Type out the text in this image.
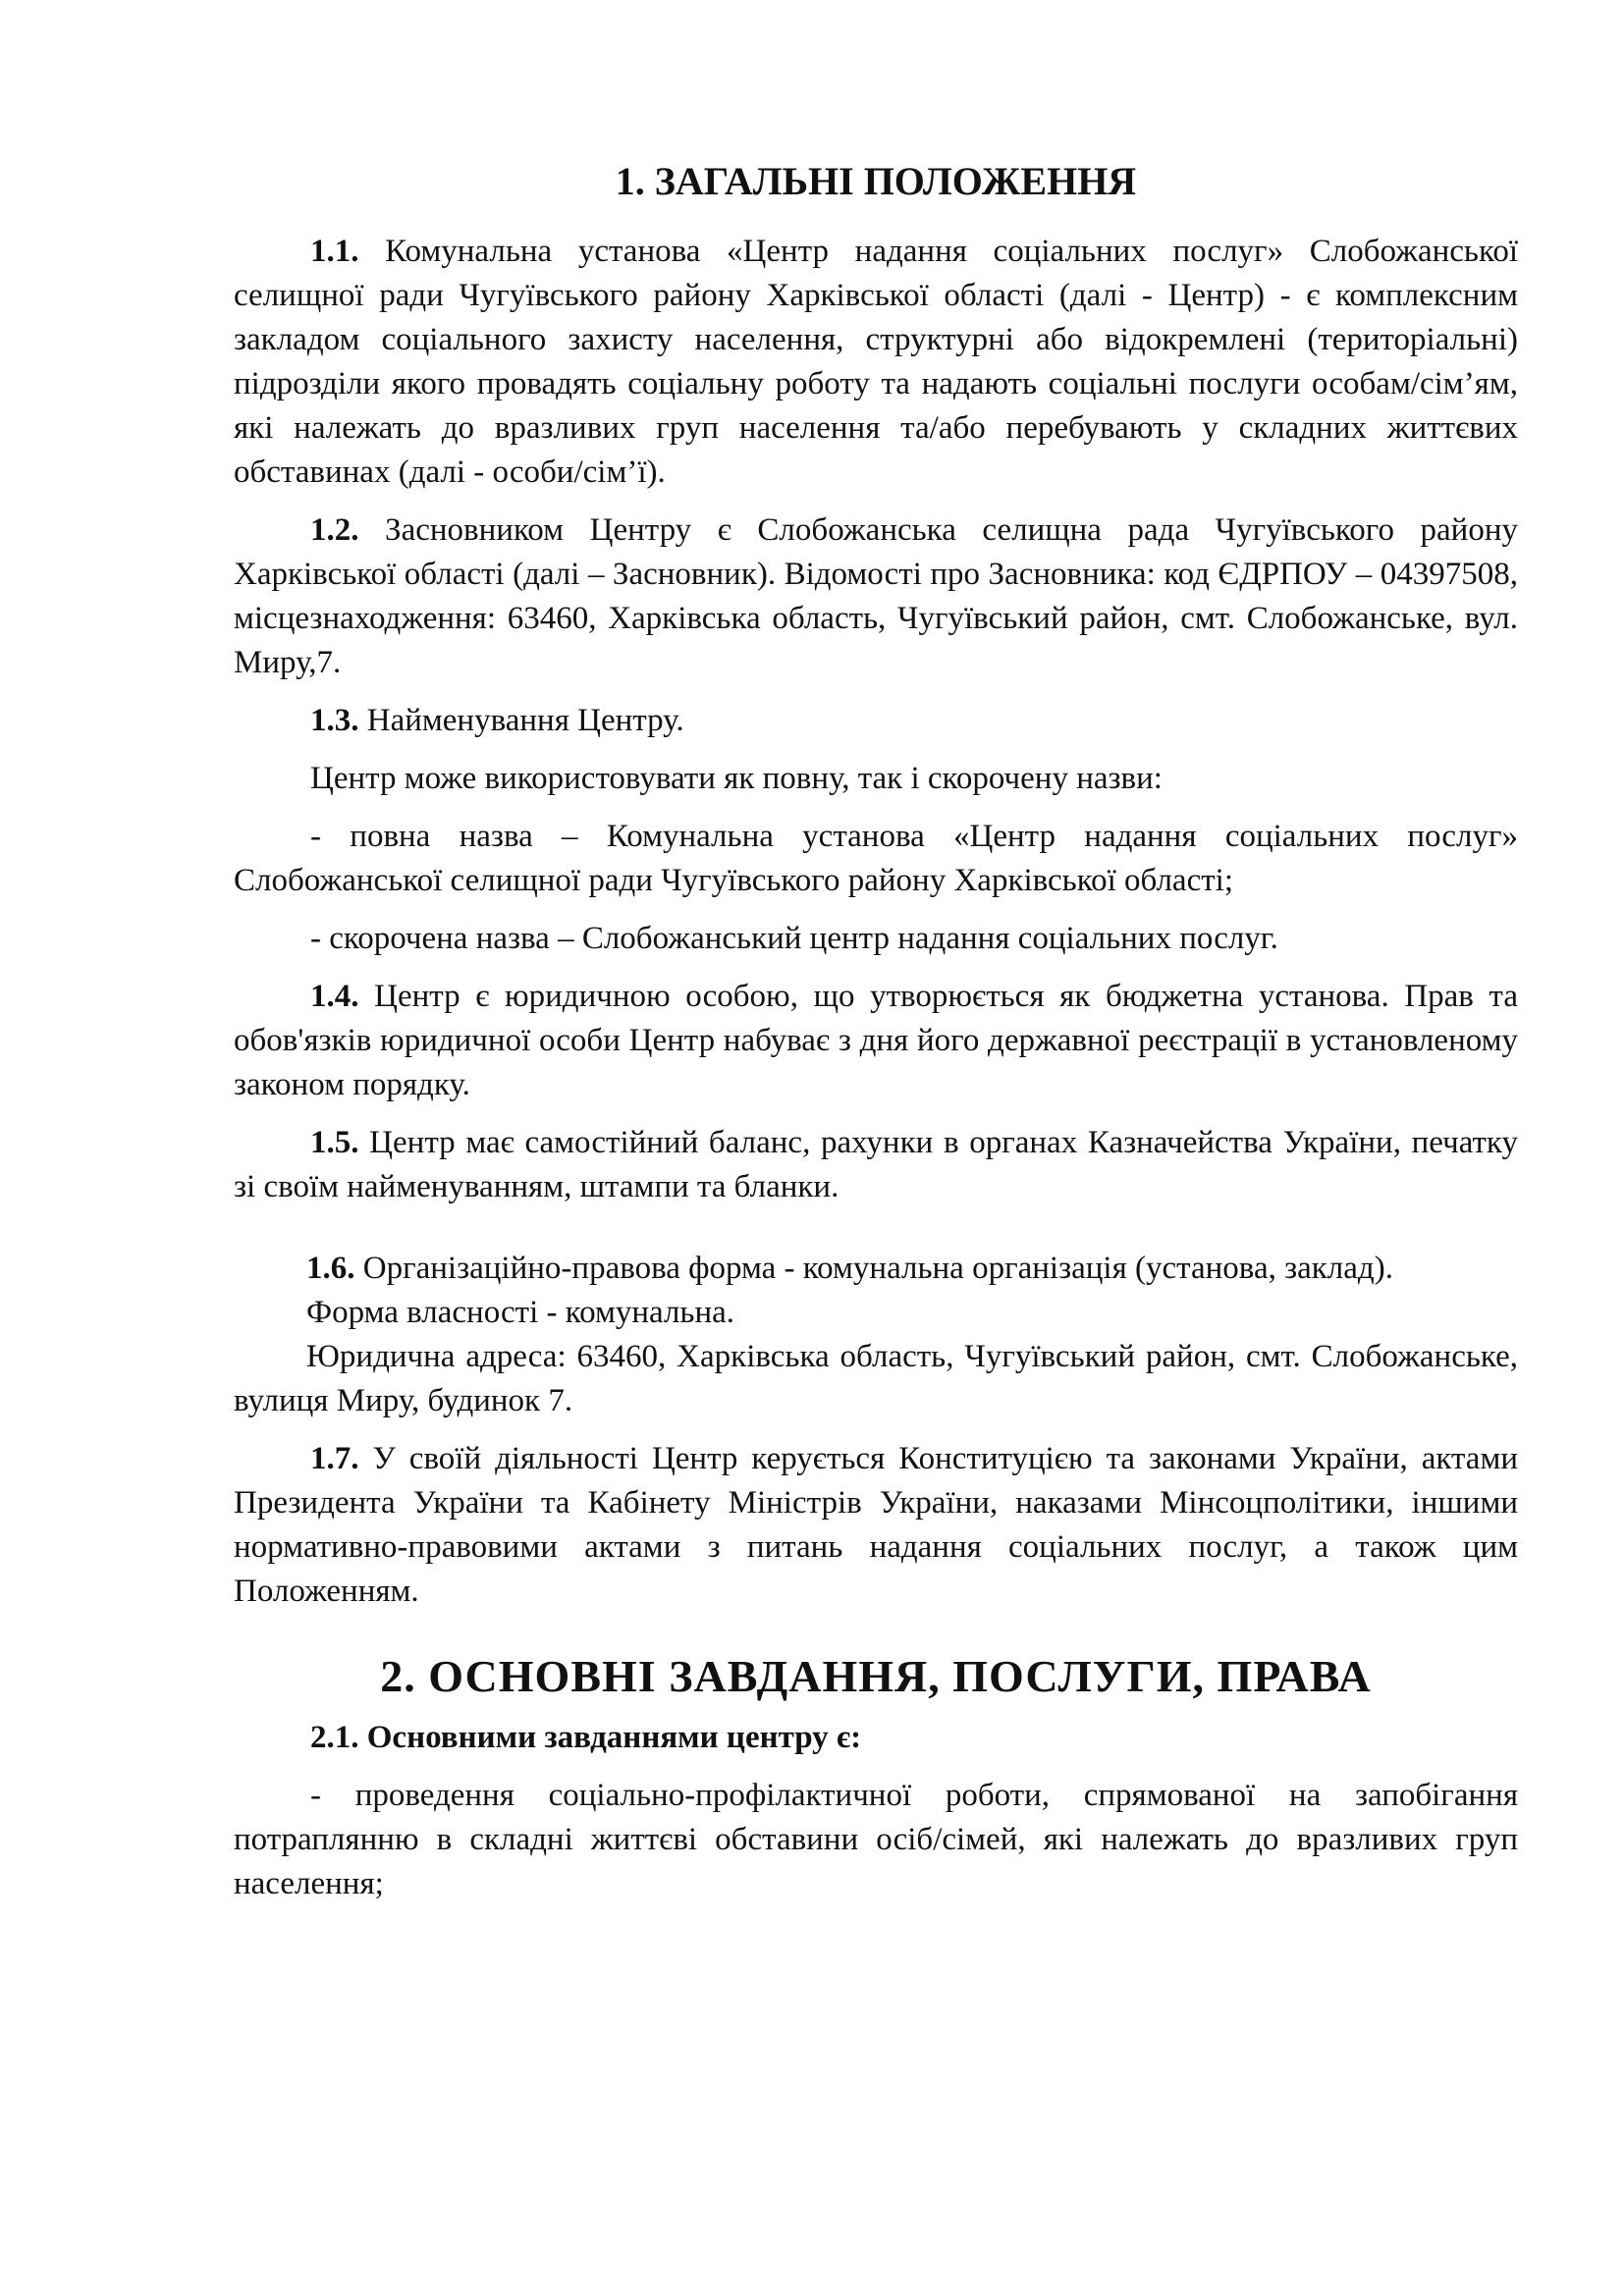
1. ЗАГАЛЬНІ ПОЛОЖЕННЯ

1.1. Комунальна установа «Центр надання соціальних послуг» Слобожанської селищної ради Чугуївського району Харківської області (далі - Центр) - є комплексним закладом соціального захисту населення, структурні або відокремлені (територіальні) підрозділи якого провадять соціальну роботу та надають соціальні послуги особам/сім’ям, які належать до вразливих груп населення та/або перебувають у складних життєвих обставинах (далі - особи/сім’ї).

1.2. Засновником Центру є Слобожанська селищна рада Чугуївського району Харківської області (далі – Засновник). Відомості про Засновника: код ЄДРПОУ – 04397508, місцезнаходження: 63460, Харківська область, Чугуївський район, смт. Слобожанське, вул. Миру,7.

1.3. Найменування Центру.

Центр може використовувати як повну, так і скорочену назви:

- повна назва – Комунальна установа «Центр надання соціальних послуг» Слобожанської селищної ради Чугуївського району Харківської області;

- скорочена назва – Слобожанський центр надання соціальних послуг.

1.4. Центр є юридичною особою, що утворюється як бюджетна установа. Прав та обов'язків юридичної особи Центр набуває з дня його державної реєстрації в установленому законом порядку.

1.5. Центр має самостійний баланс, рахунки в органах Казначейства України, печатку зі своїм найменуванням, штампи та бланки.

1.6. Організаційно-правова форма - комунальна організація (установа, заклад).

Форма власності - комунальна.

Юридична адреса: 63460, Харківська область, Чугуївський район, смт. Слобожанське, вулиця Миру, будинок 7.

1.7. У своїй діяльності Центр керується Конституцією та законами України, актами Президента України та Кабінету Міністрів України, наказами Мінсоцполітики, іншими нормативно-правовими актами з питань надання соціальних послуг, а також цим Положенням.

2. ОСНОВНІ ЗАВДАННЯ, ПОСЛУГИ, ПРАВА

2.1. Основними завданнями центру є:

- проведення соціально-профілактичної роботи, спрямованої на запобігання потраплянню в складні життєві обставини осіб/сімей, які належать до вразливих груп населення;
